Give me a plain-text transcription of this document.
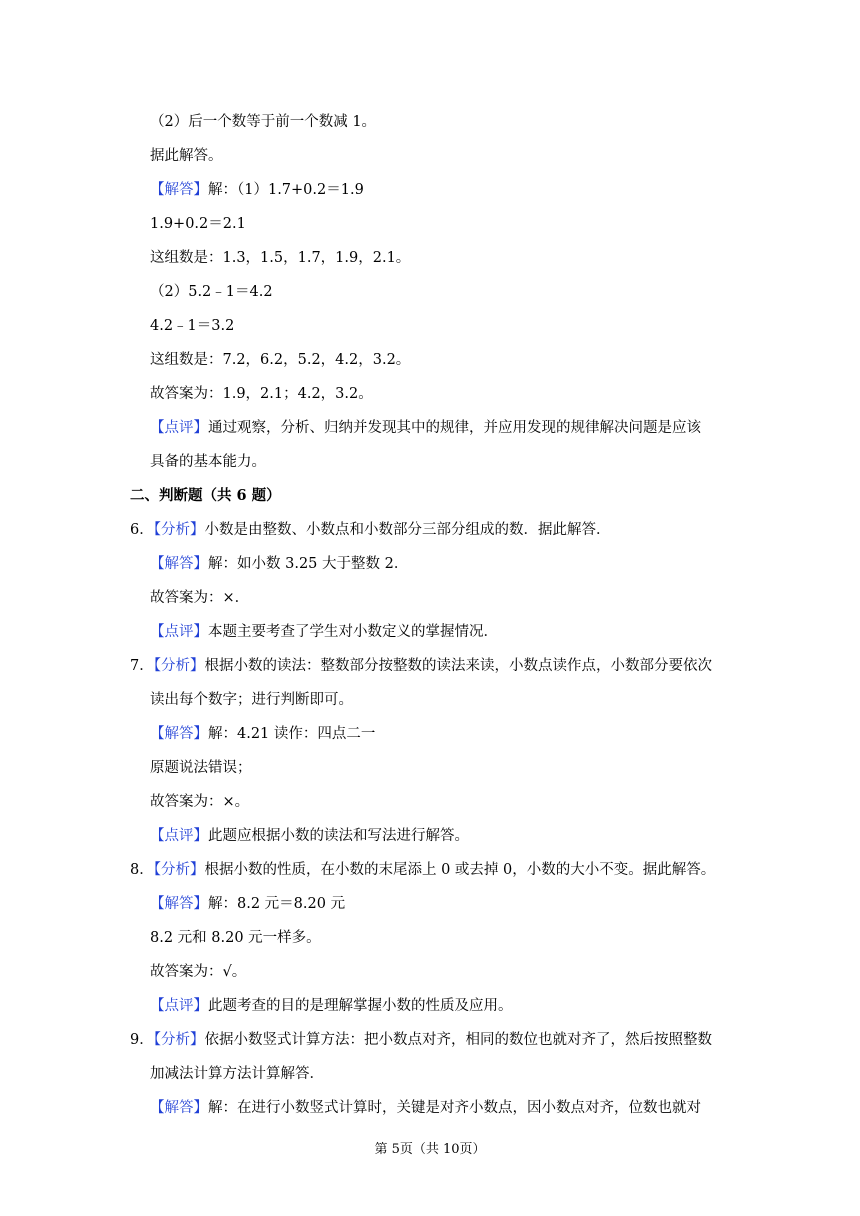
（2）后一个数等于前一个数减 1。
据此解答。
【解答】解：（1）1.7+0.2＝1.9
1.9+0.2＝2.1
这组数是：1.3，1.5，1.7，1.9，2.1。
（2）5.2﹣1＝4.2
4.2﹣1＝3.2
这组数是：7.2，6.2，5.2，4.2，3.2。
故答案为：1.9，2.1；4.2，3.2。
【点评】通过观察，分析、归纳并发现其中的规律，并应用发现的规律解决问题是应该
具备的基本能力。
二、判断题（共 6 题）
6．【分析】小数是由整数、小数点和小数部分三部分组成的数．据此解答．
【解答】解：如小数 3.25 大于整数 2．
故答案为：×．
【点评】本题主要考查了学生对小数定义的掌握情况．
7．【分析】根据小数的读法：整数部分按整数的读法来读，小数点读作点，小数部分要依次
读出每个数字；进行判断即可。
【解答】解：4.21 读作：四点二一
原题说法错误；
故答案为：×。
【点评】此题应根据小数的读法和写法进行解答。
8．【分析】根据小数的性质，在小数的末尾添上 0 或去掉 0，小数的大小不变。据此解答。
【解答】解：8.2 元＝8.20 元
8.2 元和 8.20 元一样多。
故答案为：√。
【点评】此题考查的目的是理解掌握小数的性质及应用。
9．【分析】依据小数竖式计算方法：把小数点对齐，相同的数位也就对齐了，然后按照整数
加减法计算方法计算解答．
【解答】解：在进行小数竖式计算时，关键是对齐小数点，因小数点对齐，位数也就对
第 5页（共 10页）
